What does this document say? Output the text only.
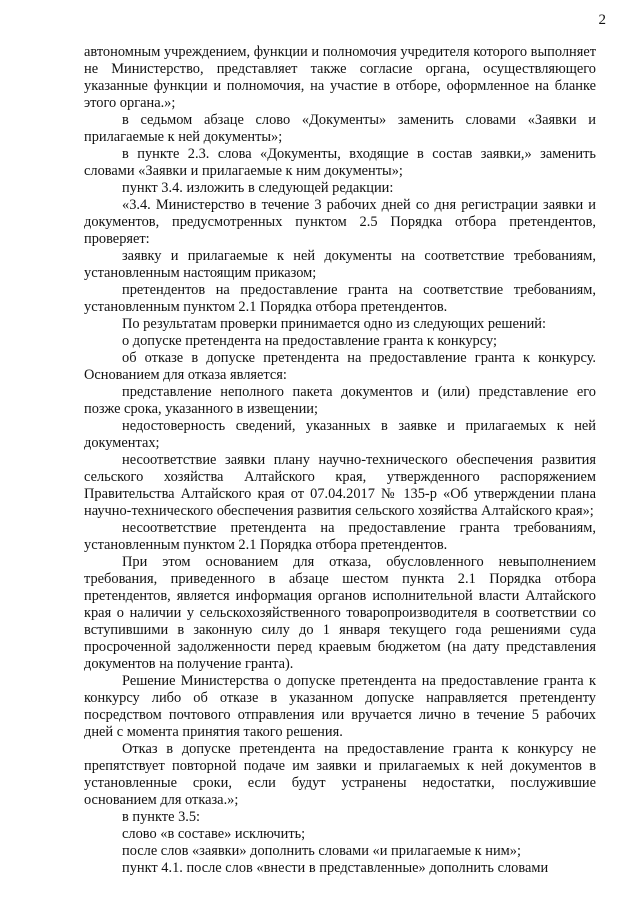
2

автономным учреждением, функции и полномочия учредителя которого выполняет не Министерство, представляет также согласие органа, осуществляющего указанные функции и полномочия, на участие в отборе, оформленное на бланке этого органа.»;

в седьмом абзаце слово «Документы» заменить словами «Заявки и прилагаемые к ней документы»;

в пункте 2.3. слова «Документы, входящие в состав заявки,» заменить словами «Заявки и прилагаемые к ним документы»;

пункт 3.4. изложить в следующей редакции:

«3.4. Министерство в течение 3 рабочих дней со дня регистрации заявки и документов, предусмотренных пунктом 2.5 Порядка отбора претендентов, проверяет:

заявку и прилагаемые к ней документы на соответствие требованиям, установленным настоящим приказом;

претендентов на предоставление гранта на соответствие требованиям, установленным пунктом 2.1 Порядка отбора претендентов.

По результатам проверки принимается одно из следующих решений:

о допуске претендента на предоставление гранта к конкурсу;

об отказе в допуске претендента на предоставление гранта к конкурсу. Основанием для отказа является:

представление неполного пакета документов и (или) представление его позже срока, указанного в извещении;

недостоверность сведений, указанных в заявке и прилагаемых к ней документах;

несоответствие заявки плану научно-технического обеспечения развития сельского хозяйства Алтайского края, утвержденного распоряжением Правительства Алтайского края от 07.04.2017 № 135-р «Об утверждении плана научно-технического обеспечения развития сельского хозяйства Алтайского края»;

несоответствие претендента на предоставление гранта требованиям, установленным пунктом 2.1 Порядка отбора претендентов.

При этом основанием для отказа, обусловленного невыполнением требования, приведенного в абзаце шестом пункта 2.1 Порядка отбора претендентов, является информация органов исполнительной власти Алтайского края о наличии у сельскохозяйственного товаропроизводителя в соответствии со вступившими в законную силу до 1 января текущего года решениями суда просроченной задолженности перед краевым бюджетом (на дату представления документов на получение гранта).

Решение Министерства о допуске претендента на предоставление гранта к конкурсу либо об отказе в указанном допуске направляется претенденту посредством почтового отправления или вручается лично в течение 5 рабочих дней с момента принятия такого решения.

Отказ в допуске претендента на предоставление гранта к конкурсу не препятствует повторной подаче им заявки и прилагаемых к ней документов в установленные сроки, если будут устранены недостатки, послужившие основанием для отказа.»;

в пункте 3.5:

слово «в составе» исключить;

после слов «заявки» дополнить словами «и прилагаемые к ним»;

пункт 4.1. после слов «внести в представленные» дополнить словами
